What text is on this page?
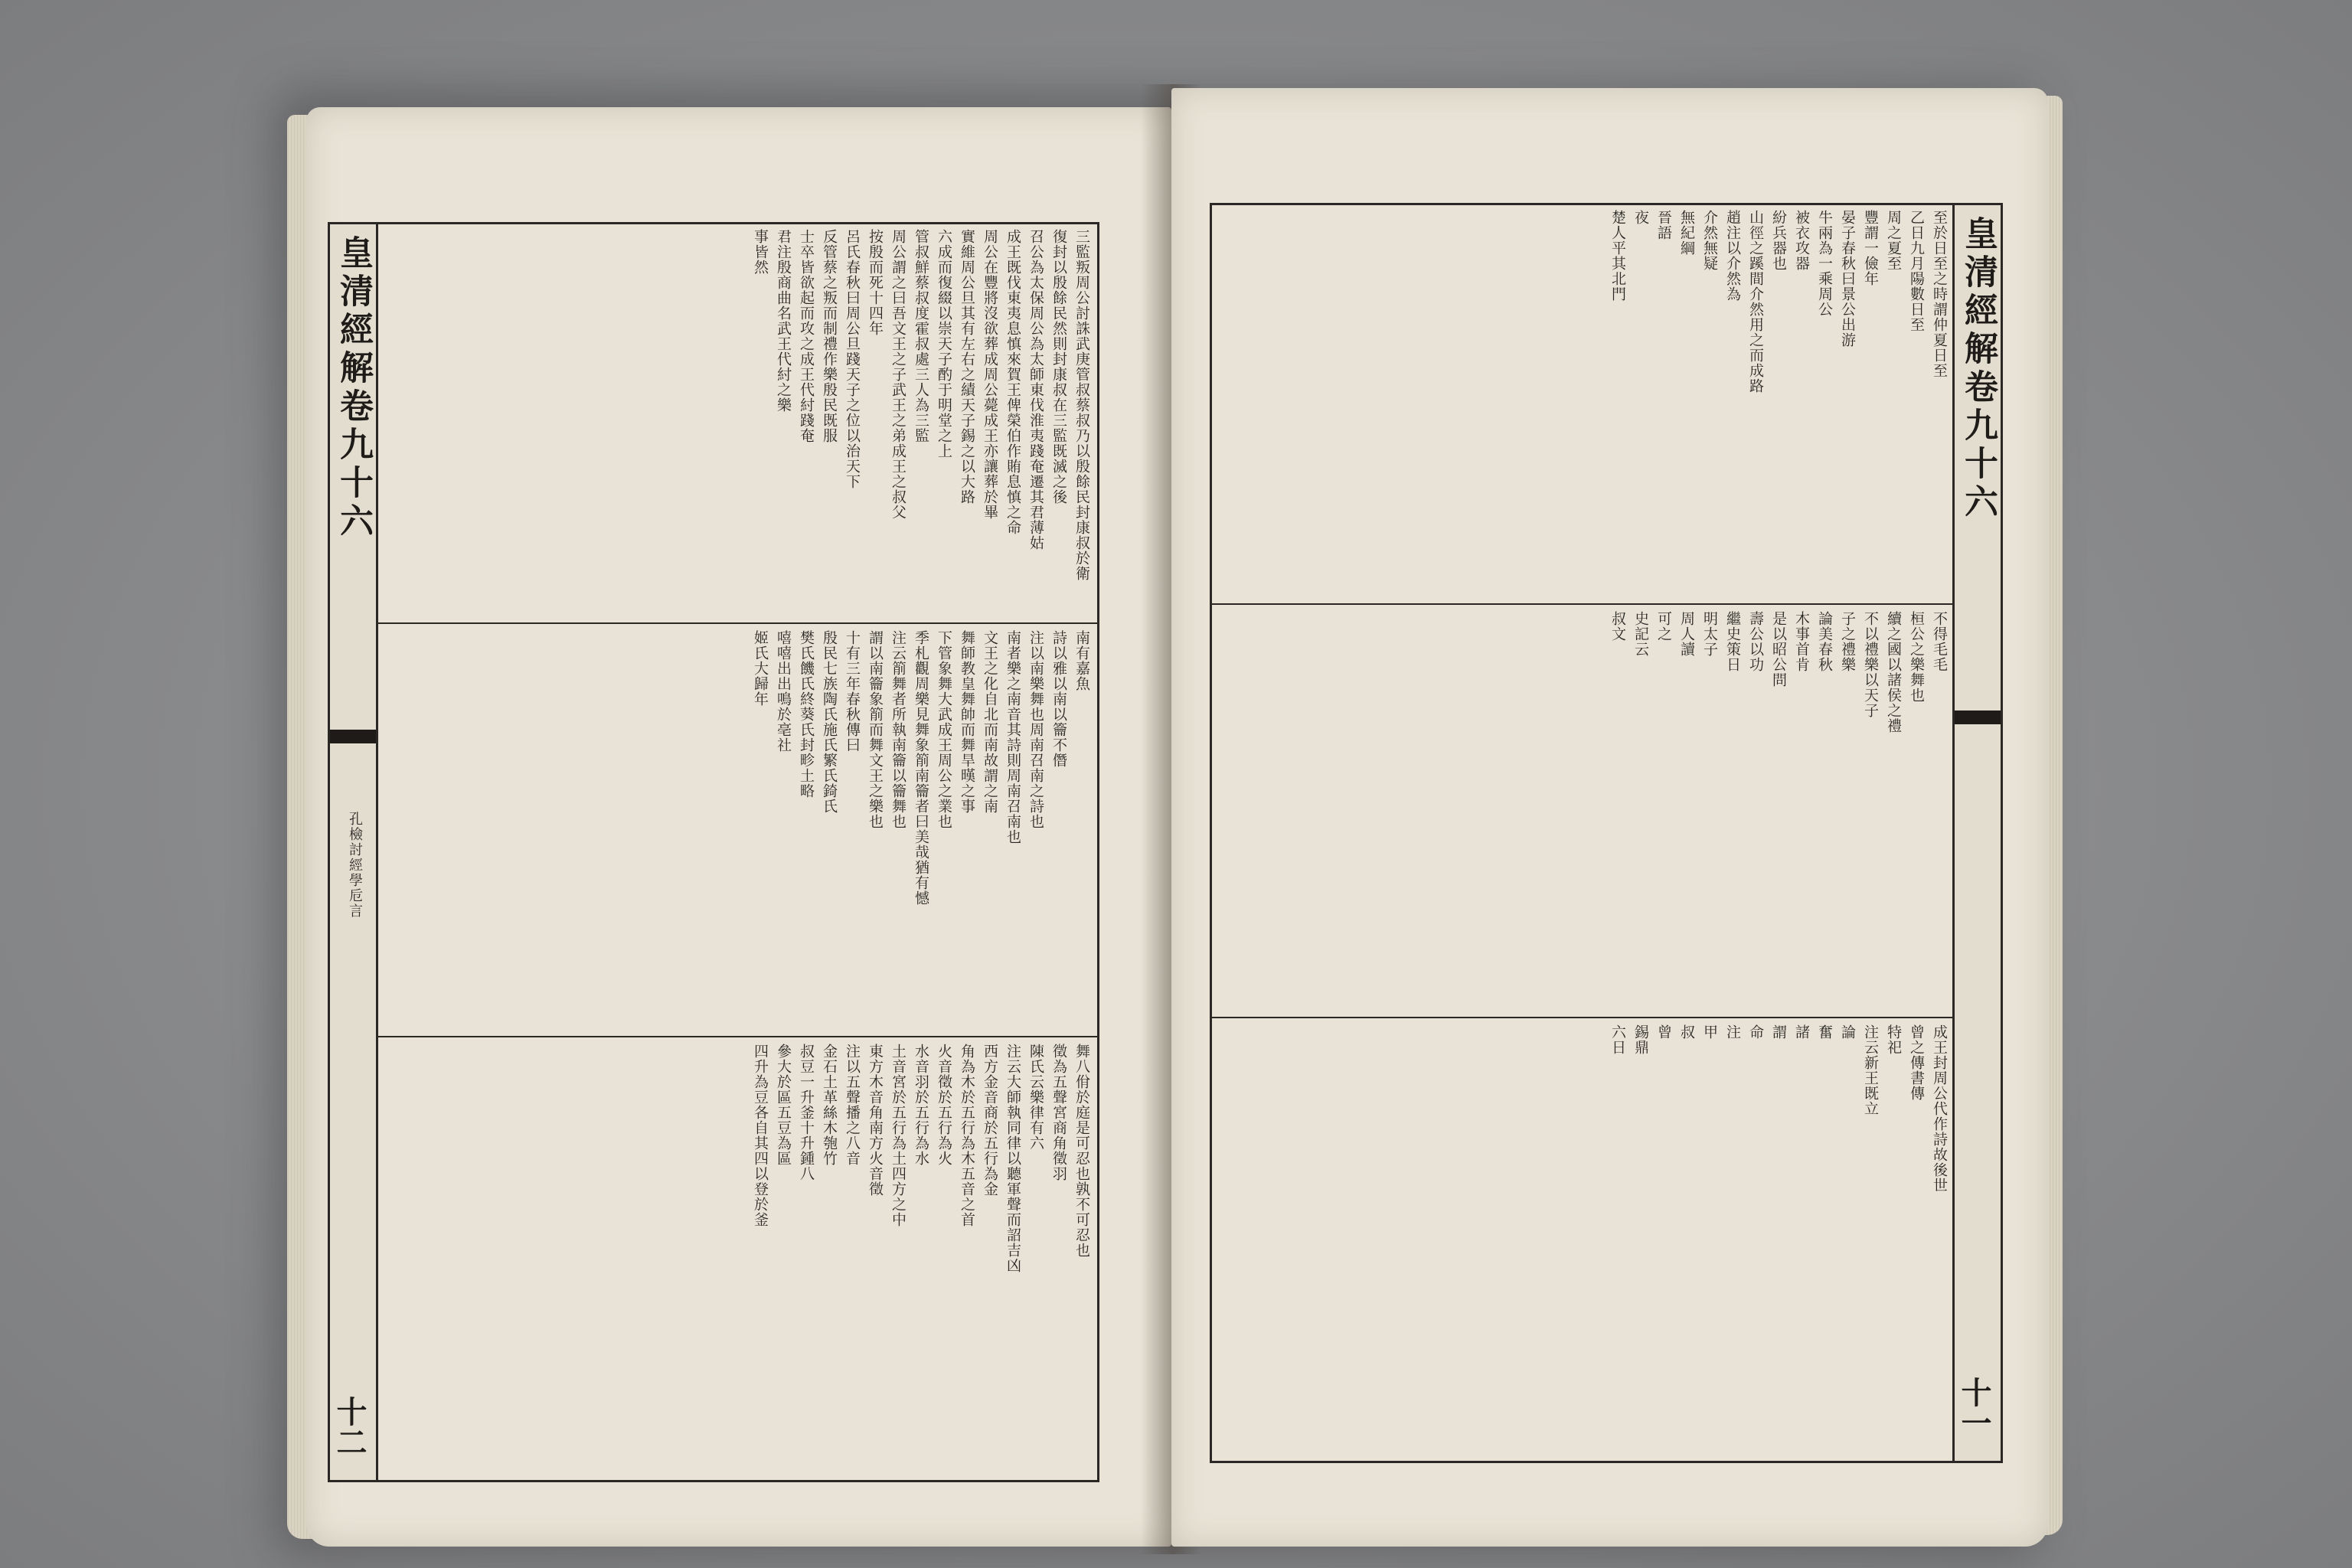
三監叛周公討誅武庚管叔蔡叔乃以殷餘民封康叔於衛
復封以殷餘民然則封康叔在三監既滅之後
召公為太保周公為太師東伐淮夷踐奄遷其君薄姑
成王既伐東夷息慎來賀王俾榮伯作賄息慎之命
周公在豐將沒欲葬成周公薨成王亦讓葬於畢
實維周公旦其有左右之績天子錫之以大路
六成而復綴以崇天子酌于明堂之上
管叔鮮蔡叔度霍叔處三人為三監
周公謂之曰吾文王之子武王之弟成王之叔父
按殷而死十四年
呂氏春秋曰周公旦踐天子之位以治天下
反管蔡之叛而制禮作樂殷民既服
士卒皆欲起而攻之成王代紂踐奄
君注殷商曲名武王代紂之樂
事皆然
南有嘉魚
詩以雅以南以籥不僭
注以南樂舞也周南召南之詩也
南者樂之南音其詩則周南召南也
文王之化自北而南故謂之南
舞師教皇舞帥而舞旱暵之事
下管象舞大武成王周公之業也
季札觀周樂見舞象箾南籥者曰美哉猶有憾
注云箾舞者所執南籥以籥舞也
謂以南籥象箾而舞文王之樂也
十有三年春秋傳曰
殷民七族陶氏施氏繁氏錡氏
樊氏饑氏終葵氏封畛土略
嘻嘻出出鳴於亳社
姬氏大歸年
舞八佾於庭是可忍也孰不可忍也
徵為五聲宮商角徵羽
陳氏云樂律有六
注云大師執同律以聽軍聲而詔吉凶
西方金音商於五行為金
角為木於五行為木五音之首
火音徵於五行為火
水音羽於五行為水
土音宮於五行為土四方之中
東方木音角南方火音徵
注以五聲播之八音
金石土革絲木匏竹
叔豆一升釜十升鍾八
參大於區五豆為區
四升為豆各自其四以登於釜
皇清經解卷九十六
十二
孔檢討經學卮言
至於日至之時謂仲夏日至
乙日九月陽數日至
周之夏至
豐謂一儉年
晏子春秋曰景公出游
牛兩為一乘周公
被衣攻器
紛兵器也
山徑之蹊間介然用之而成路
趙注以介然為
介然無疑
無紀綱
晉語
夜
楚人平其北門
不得毛毛
桓公之樂舞也
續之國以諸侯之禮
不以禮樂以天子
子之禮樂
論美春秋
木事首肯
是以昭公問
壽公以功
繼史策日
明太子
周人讀
可之
史記云
叔文
成王封周公代作詩故後世
曾之傳書傳
特祀
注云新王既立
論
奮
諸
謂
命
注
甲
叔
曾
錫鼎
六日
皇清經解卷九十六
十一
